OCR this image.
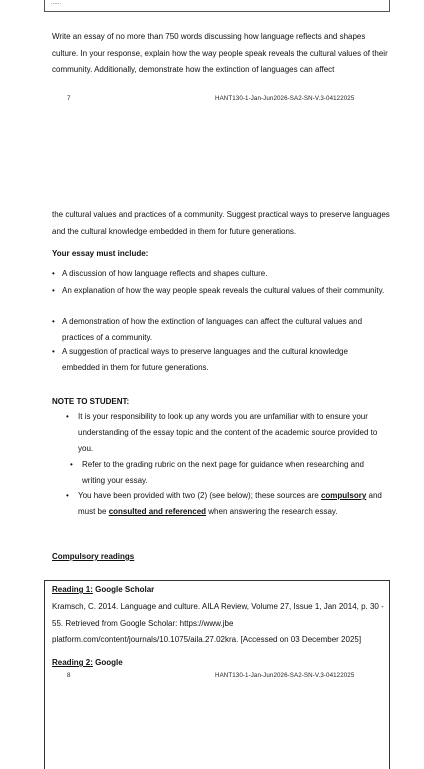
......
Write an essay of no more than 750 words discussing how language reflects and shapes culture. In your response, explain how the way people speak reveals the cultural values of their community. Additionally, demonstrate how the extinction of languages can affect
7	HANT130-1-Jan-Jun2026-SA2-SN-V.3-04122025
the cultural values and practices of a community. Suggest practical ways to preserve languages and the cultural knowledge embedded in them for future generations.
Your essay must include:
• A discussion of how language reflects and shapes culture.
• An explanation of how the way people speak reveals the cultural values of their community.
• A demonstration of how the extinction of languages can affect the cultural values and practices of a community.
• A suggestion of practical ways to preserve languages and the cultural knowledge embedded in them for future generations.
NOTE TO STUDENT:
• It is your responsibility to look up any words you are unfamiliar with to ensure your understanding of the essay topic and the content of the academic source provided to you.
• Refer to the grading rubric on the next page for guidance when researching and writing your essay.
• You have been provided with two (2) (see below); these sources are compulsory and must be consulted and referenced when answering the research essay.
Compulsory readings
Reading 1: Google Scholar
Kramsch, C. 2014. Language and culture. AILA Review, Volume 27, Issue 1, Jan 2014, p. 30 - 55. Retrieved from Google Scholar: https://www.jbe platform.com/content/journals/10.1075/aila.27.02kra. [Accessed on 03 December 2025]
Reading 2: Google
8	HANT130-1-Jan-Jun2026-SA2-SN-V.3-04122025
